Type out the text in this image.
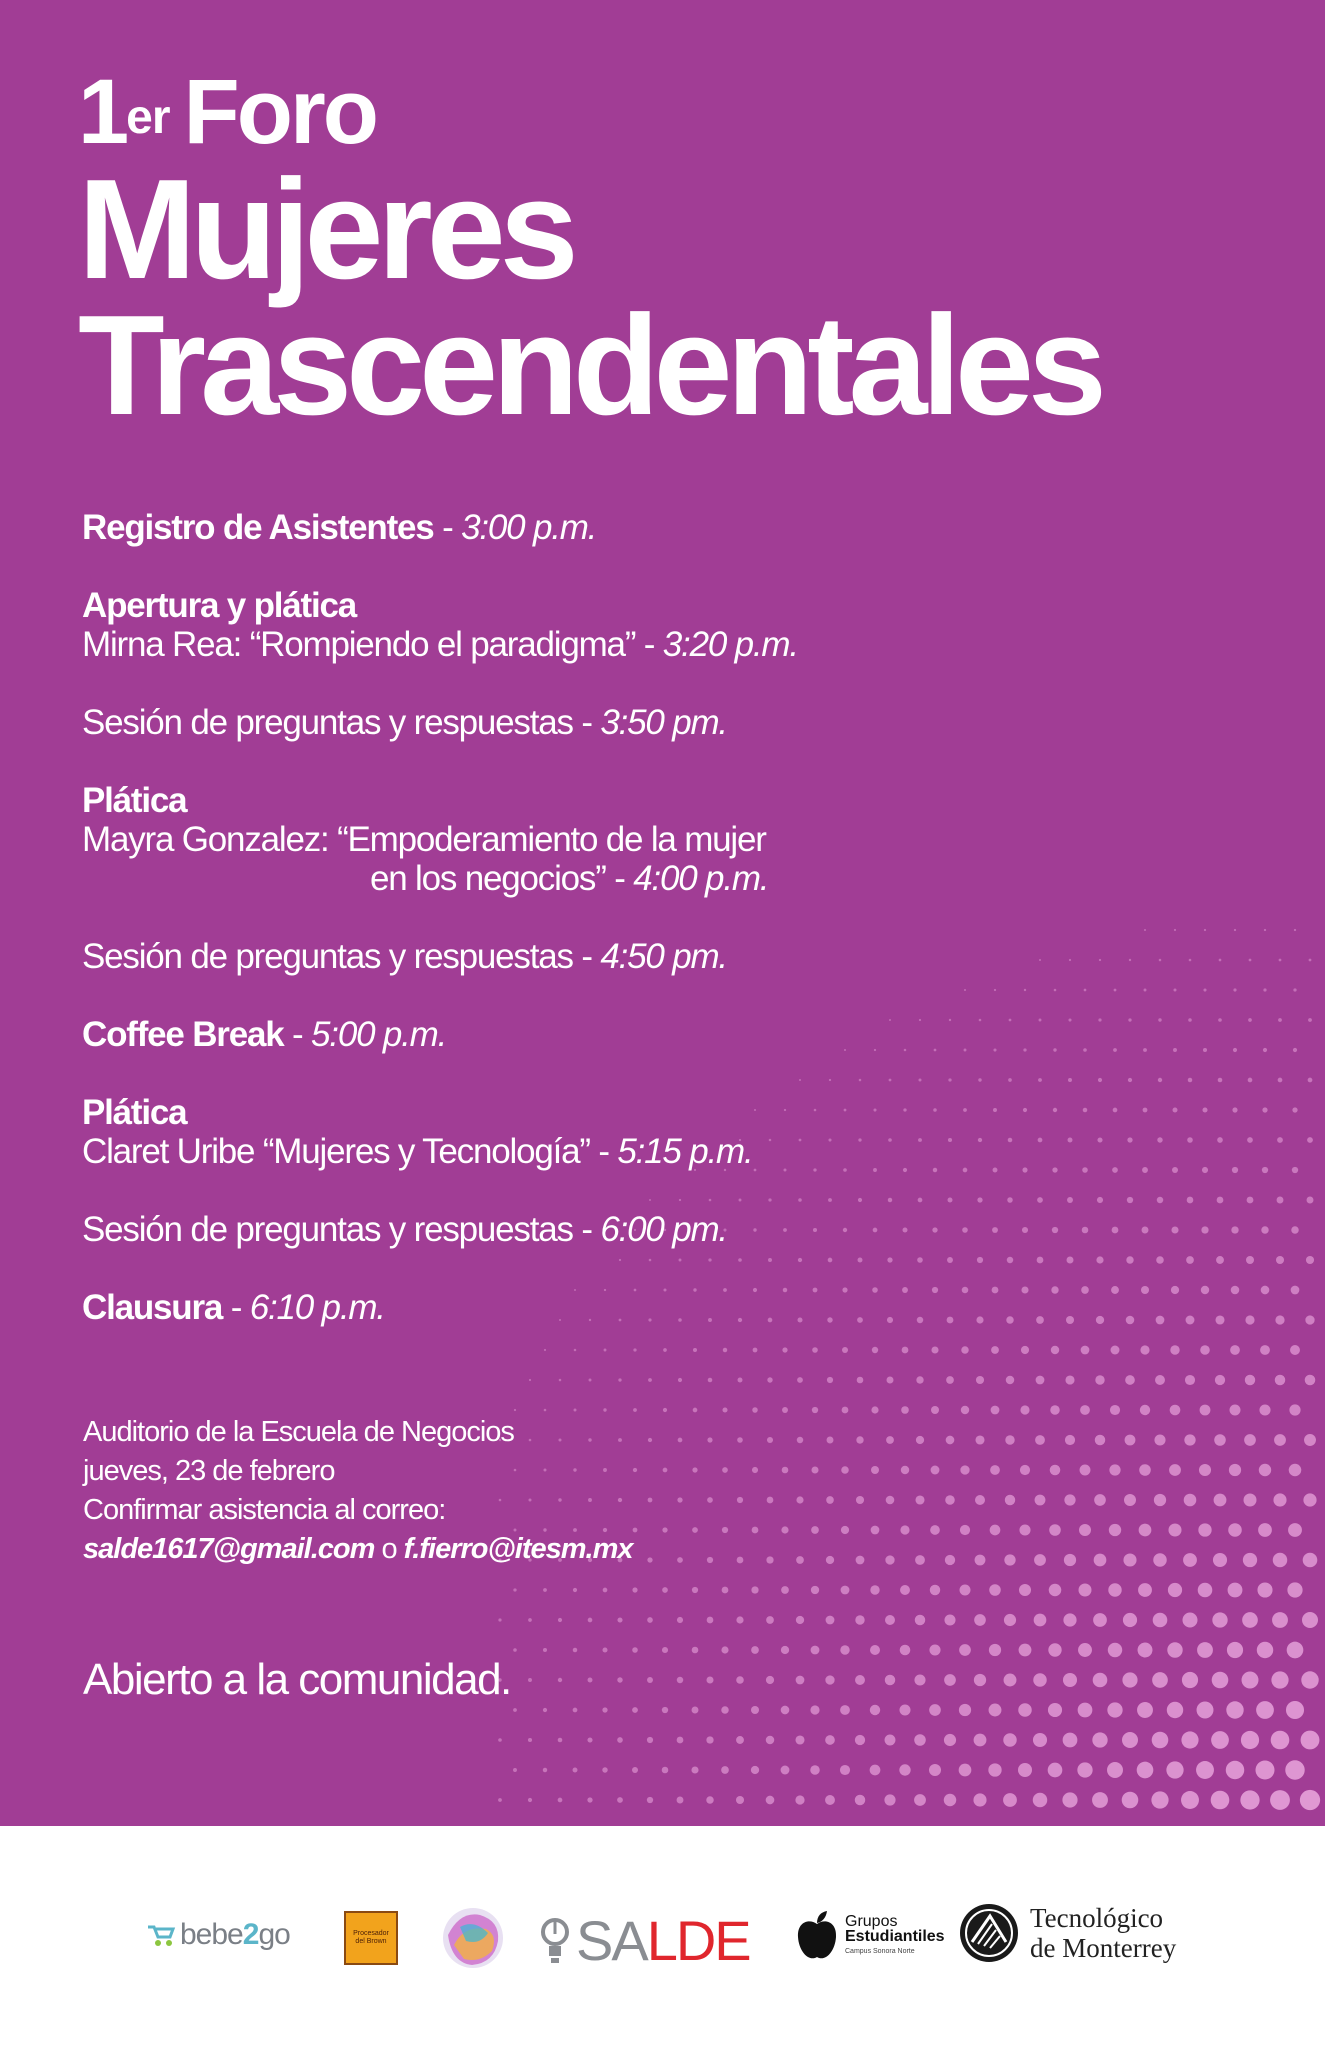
1er Foro
Mujeres
Trascendentales
Registro de Asistentes - 3:00 p.m.
Apertura y plática
Mirna Rea: “Rompiendo el paradigma” - 3:20 p.m.
Sesión de preguntas y respuestas - 3:50 pm.
Plática
Mayra Gonzalez: “Empoderamiento de la mujer
en los negocios” - 4:00 p.m.
Sesión de preguntas y respuestas - 4:50 pm.
Coffee Break - 5:00 p.m.
Plática
Claret Uribe “Mujeres y Tecnología” - 5:15 p.m.
Sesión de preguntas y respuestas - 6:00 pm.
Clausura - 6:10 p.m.
Auditorio de la Escuela de Negocios
jueves, 23 de febrero
Confirmar asistencia al correo:
salde1617@gmail.com o f.fierro@itesm.mx
Abierto a la comunidad.
bebe 2 go	Procesador
del Brown	SA LDE	Grupos
Estudiantiles
Campus Sonora Norte
Tecnológico
de Monterrey
